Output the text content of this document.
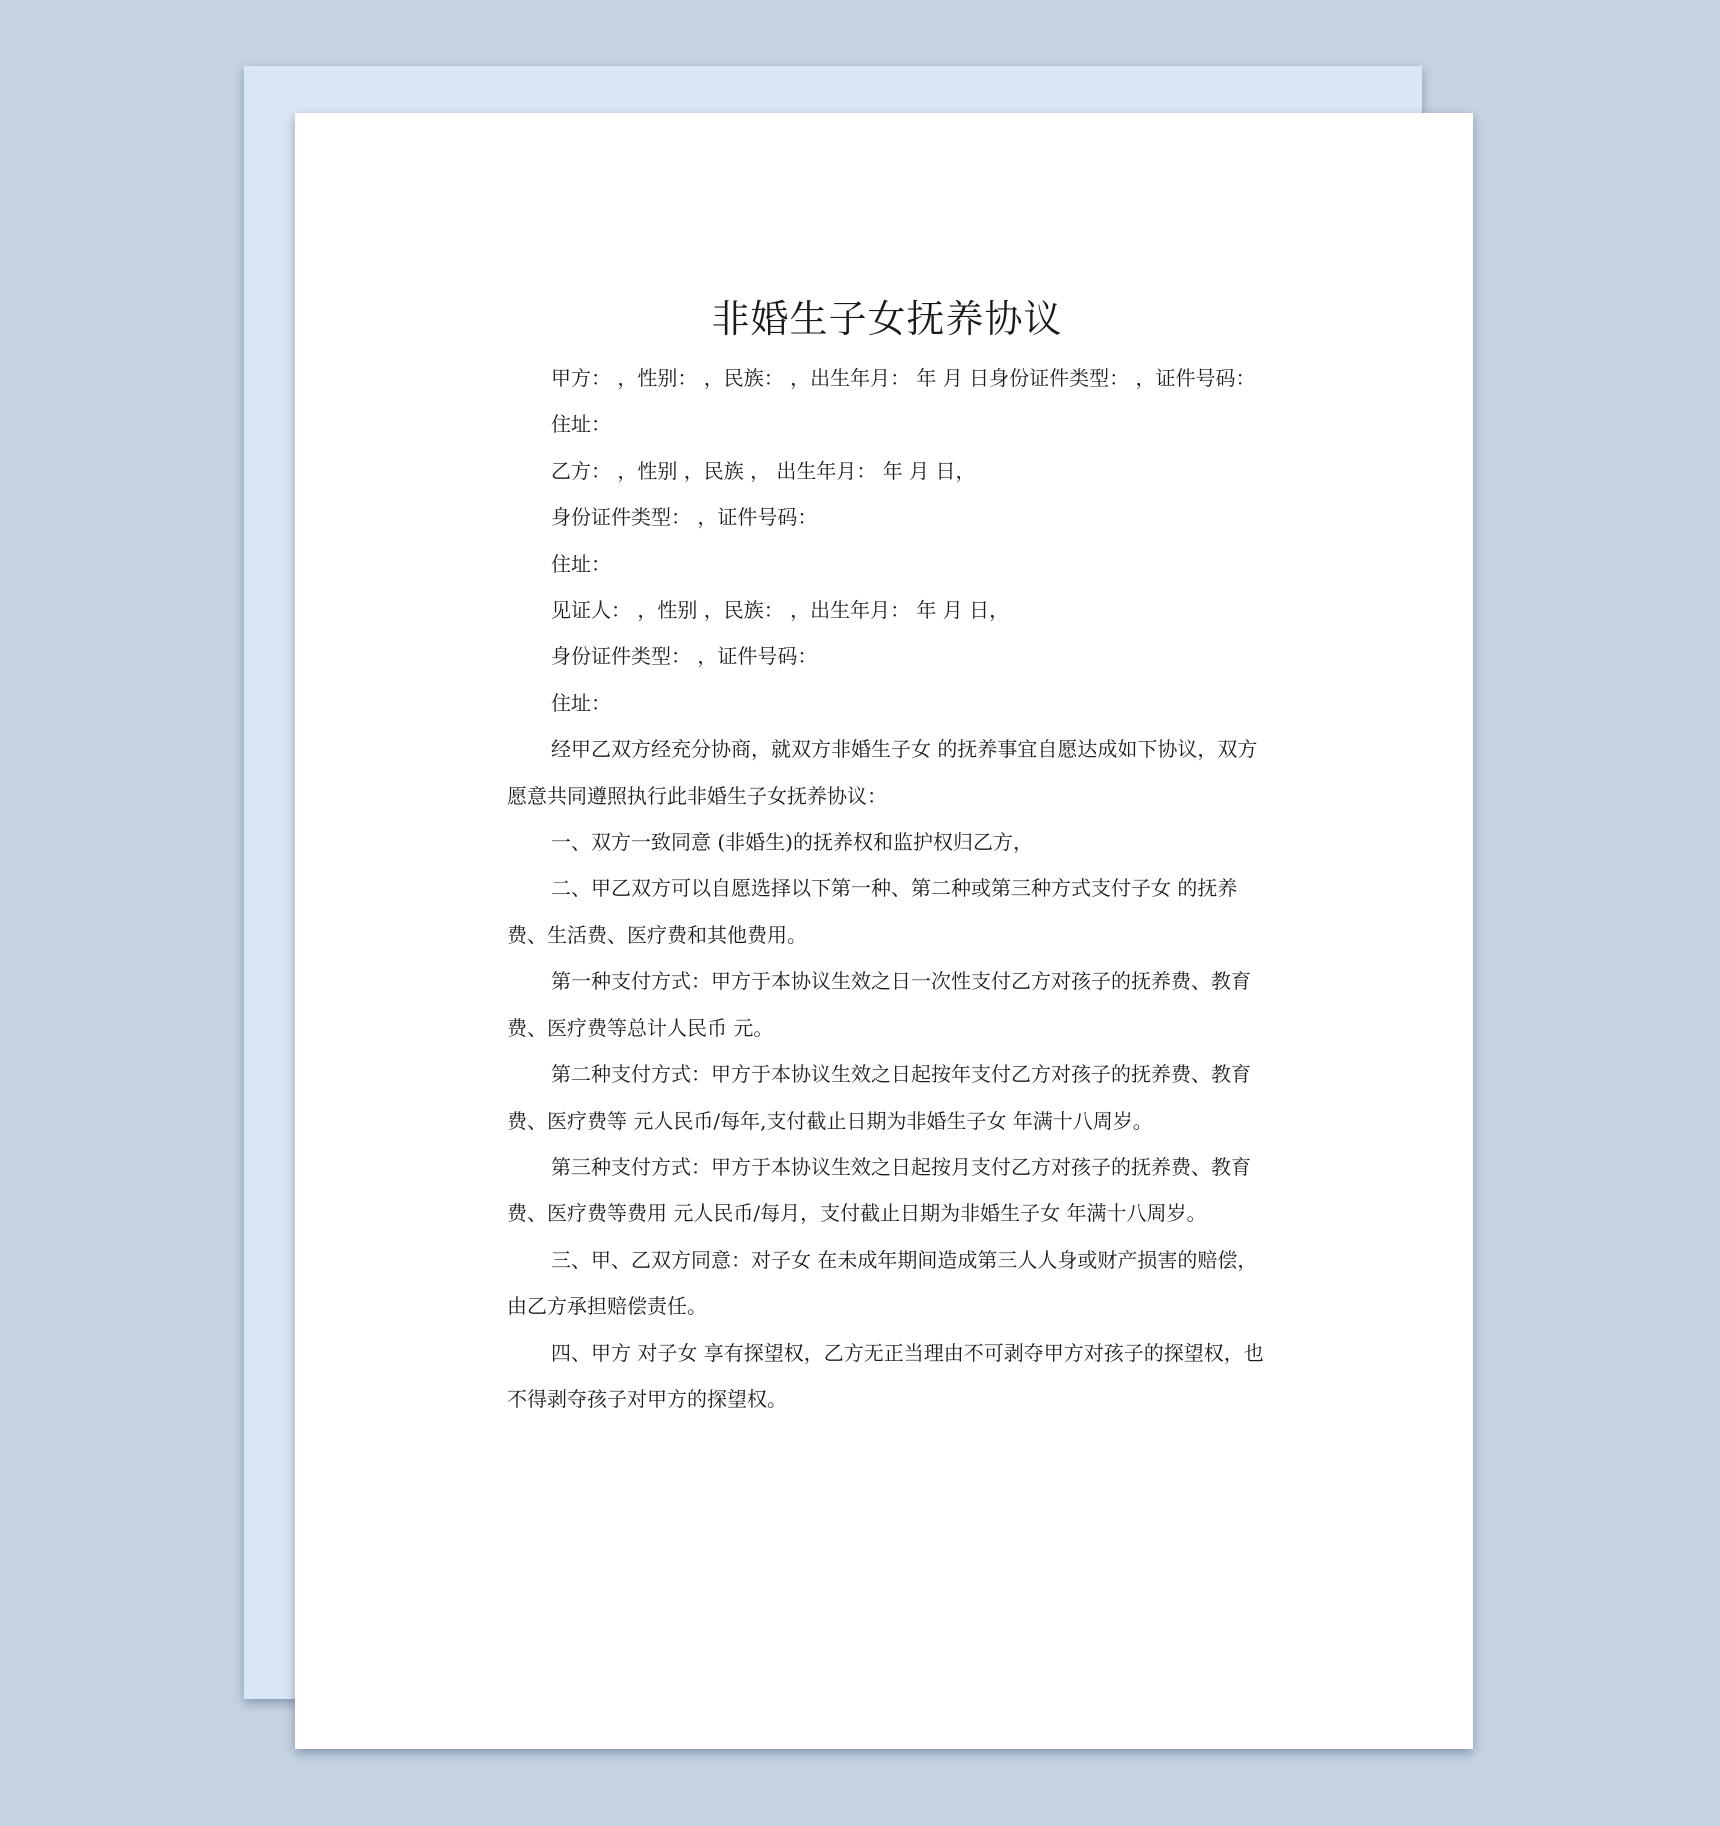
非婚生子女抚养协议

甲方： ，性别： ，民族： ，出生年月： 年 月 日身份证件类型： ，证件号码：

住址：

乙方： ，性别 ，民族 ， 出生年月： 年 月 日，

身份证件类型： ，证件号码：

住址：

见证人： ，性别 ，民族： ，出生年月： 年 月 日，

身份证件类型： ，证件号码：

住址：

经甲乙双方经充分协商，就双方非婚生子女 的抚养事宜自愿达成如下协议，双方愿意共同遵照执行此非婚生子女抚养协议：

一、双方一致同意 (非婚生)的抚养权和监护权归乙方，

二、甲乙双方可以自愿选择以下第一种、第二种或第三种方式支付子女 的抚养费、生活费、医疗费和其他费用。

第一种支付方式：甲方于本协议生效之日一次性支付乙方对孩子的抚养费、教育费、医疗费等总计人民币 元。

第二种支付方式：甲方于本协议生效之日起按年支付乙方对孩子的抚养费、教育费、医疗费等 元人民币/每年,支付截止日期为非婚生子女 年满十八周岁。

第三种支付方式：甲方于本协议生效之日起按月支付乙方对孩子的抚养费、教育费、医疗费等费用 元人民币/每月，支付截止日期为非婚生子女 年满十八周岁。

三、甲、乙双方同意：对子女 在未成年期间造成第三人人身或财产损害的赔偿，由乙方承担赔偿责任。

四、甲方 对子女 享有探望权，乙方无正当理由不可剥夺甲方对孩子的探望权，也不得剥夺孩子对甲方的探望权。
